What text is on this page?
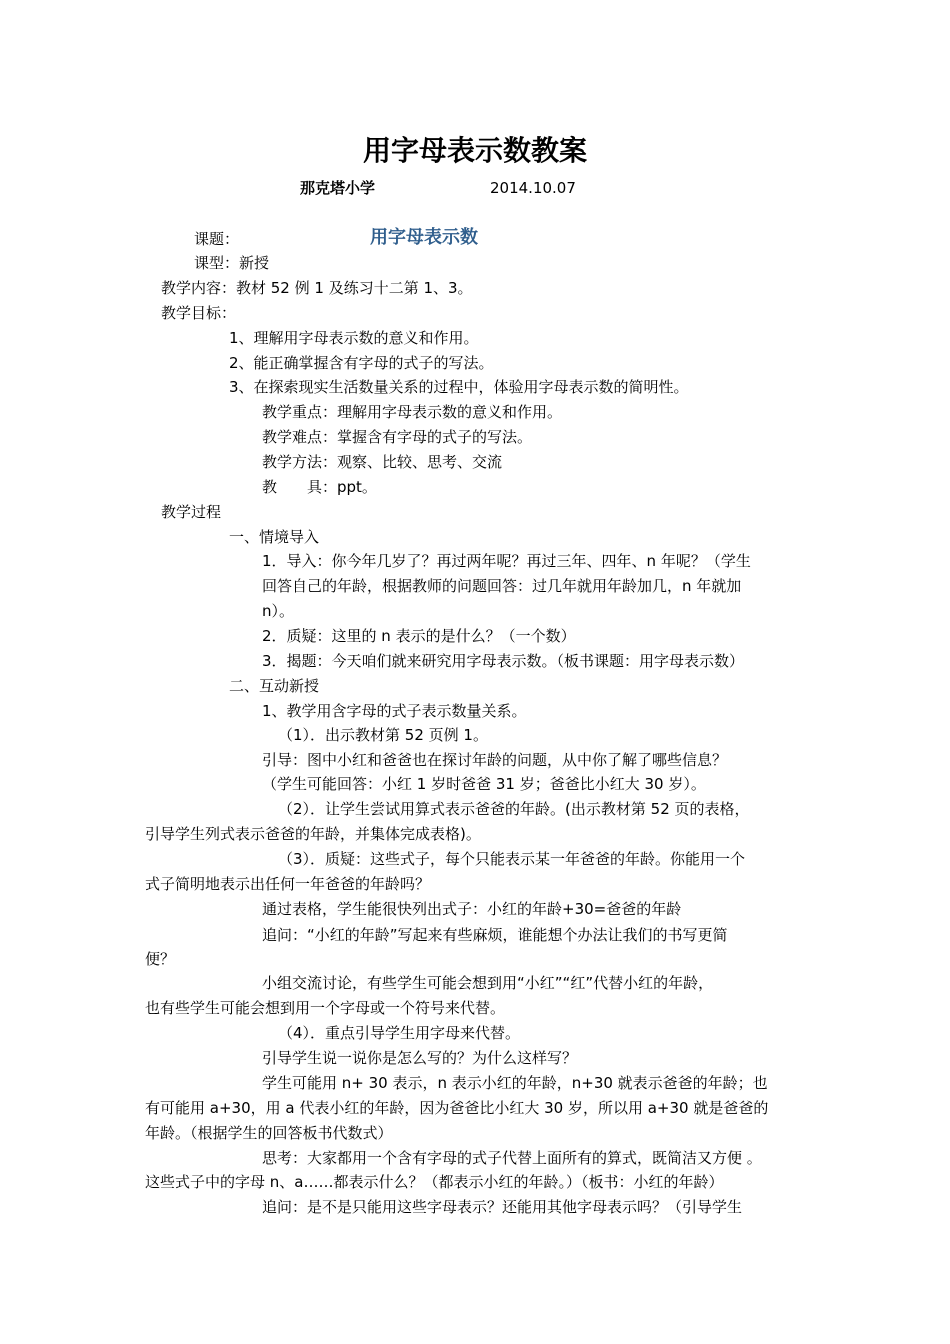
用字母表示数教案
那克塔小学	2014.10.07
课题：	用字母表示数
课型：新授
教学内容：教材 52 例 1 及练习十二第 1、3。
教学目标：
1、理解用字母表示数的意义和作用。
2、能正确掌握含有字母的式子的写法。
3、在探索现实生活数量关系的过程中，体验用字母表示数的简明性。
教学重点：理解用字母表示数的意义和作用。
教学难点：掌握含有字母的式子的写法。
教学方法：观察、比较、思考、交流
教　　具：ppt。
教学过程
一、情境导入
1．导入：你今年几岁了？再过两年呢？再过三年、四年、n 年呢？（学生
回答自己的年龄，根据教师的问题回答：过几年就用年龄加几，n 年就加
n）。
2．质疑：这里的 n 表示的是什么？（一个数）
3．揭题：今天咱们就来研究用字母表示数。（板书课题：用字母表示数）
二、互动新授
1、教学用含字母的式子表示数量关系。
（1）．出示教材第 52 页例 1。
引导：图中小红和爸爸也在探讨年龄的问题，从中你了解了哪些信息？
（学生可能回答：小红 1 岁时爸爸 31 岁；爸爸比小红大 30 岁）。
（2）．让学生尝试用算式表示爸爸的年龄。(出示教材第 52 页的表格，
引导学生列式表示爸爸的年龄，并集体完成表格)。
（3）．质疑：这些式子，每个只能表示某一年爸爸的年龄。你能用一个
式子简明地表示出任何一年爸爸的年龄吗？
通过表格，学生能很快列出式子：小红的年龄+30=爸爸的年龄
追问：“小红的年龄”写起来有些麻烦，谁能想个办法让我们的书写更简
便？
小组交流讨论，有些学生可能会想到用“小红”“红”代替小红的年龄，
也有些学生可能会想到用一个字母或一个符号来代替。
（4）．重点引导学生用字母来代替。
引导学生说一说你是怎么写的？为什么这样写？
学生可能用 n+ 30 表示，n 表示小红的年龄，n+30 就表示爸爸的年龄；也
有可能用 a+30，用 a 代表小红的年龄，因为爸爸比小红大 30 岁，所以用 a+30 就是爸爸的
年龄。（根据学生的回答板书代数式）
思考：大家都用一个含有字母的式子代替上面所有的算式，既简洁又方便 。
这些式子中的字母 n、a……都表示什么？（都表示小红的年龄。）（板书：小红的年龄）
追问：是不是只能用这些字母表示？还能用其他字母表示吗？（引导学生
